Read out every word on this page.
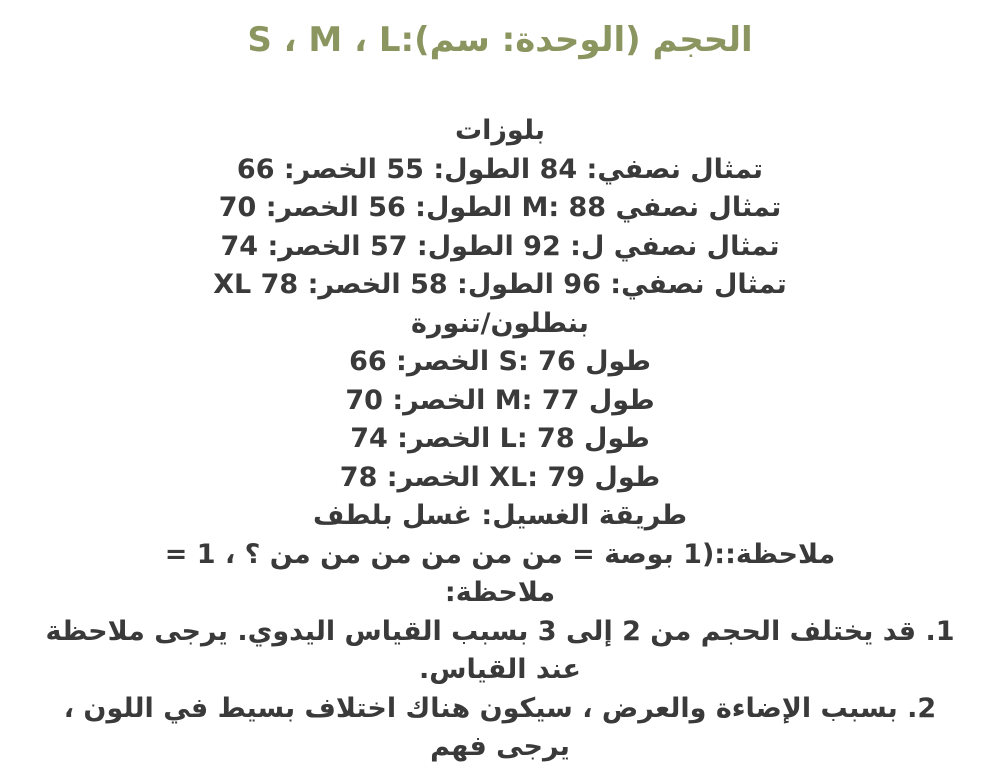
الحجم (الوحدة: سم):S ، M ، L
بلوزات
تمثال نصفي: 84 الطول: 55 الخصر: 66
تمثال نصفي 88 :M الطول: 56 الخصر: 70
تمثال نصفي ل: 92 الطول: 57 الخصر: 74
تمثال نصفي: 96 الطول: 58 الخصر: 78 XL
بنطلون/تنورة
طول 76 :S الخصر: 66
طول 77 :M الخصر: 70
طول 78 :L الخصر: 74
طول 79 :XL الخصر: 78
طريقة الغسيل: غسل بلطف
ملاحظة::(1 بوصة = من من من من من من ؟ ، 1 =
ملاحظة:
1. قد يختلف الحجم من 2 إلى 3 بسبب القياس اليدوي. يرجى ملاحظة عند القياس.
2. بسبب الإضاءة والعرض ، سيكون هناك اختلاف بسيط في اللون ، يرجى فهم
